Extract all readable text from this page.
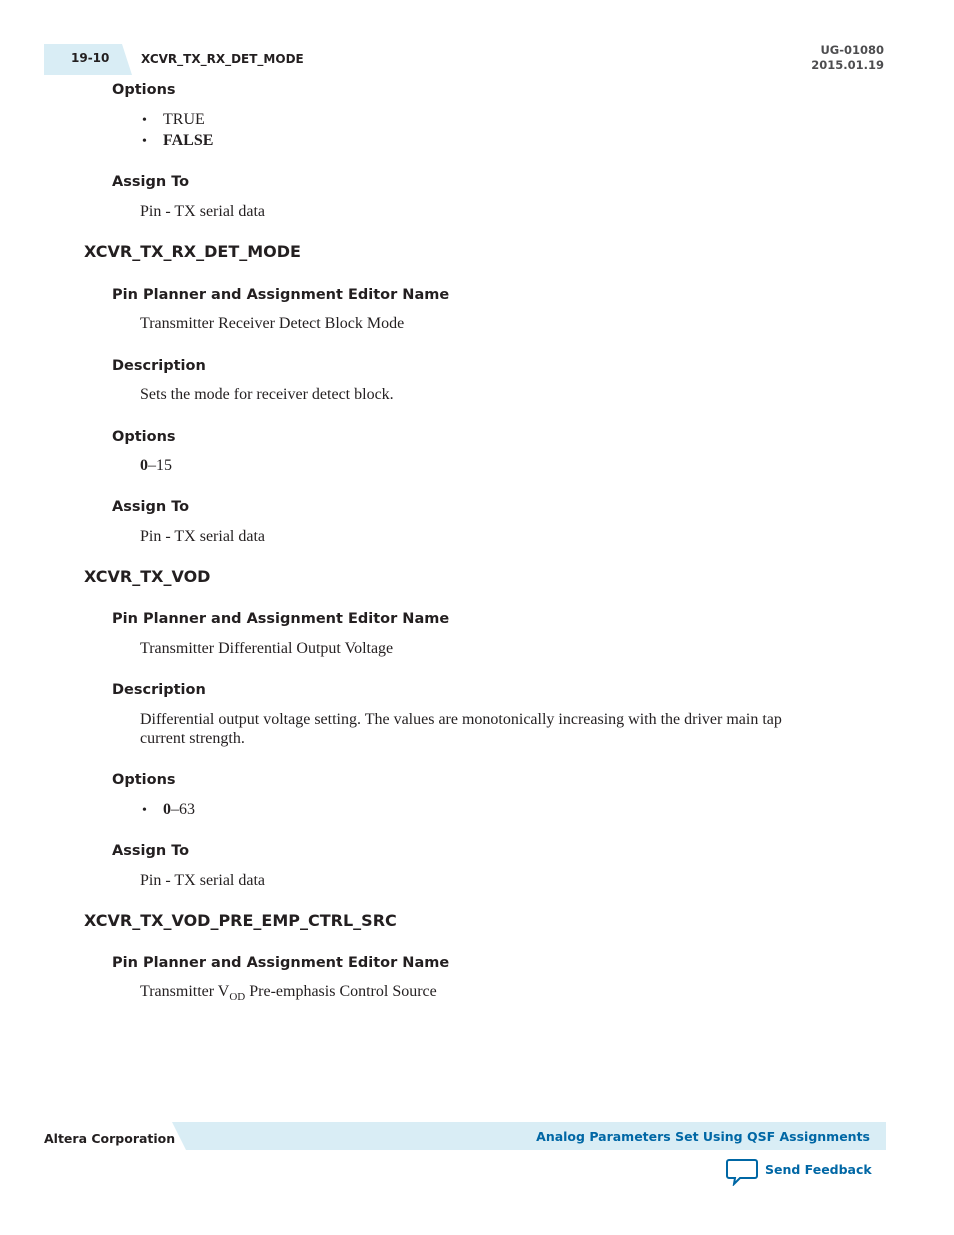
19-10	XCVR_TX_RX_DET_MODE
UG-01080
2015.01.19
Options
• TRUE
• FALSE
Assign To
Pin - TX serial data
XCVR_TX_RX_DET_MODE
Pin Planner and Assignment Editor Name
Transmitter Receiver Detect Block Mode
Description
Sets the mode for receiver detect block.
Options
0–15
Assign To
Pin - TX serial data
XCVR_TX_VOD
Pin Planner and Assignment Editor Name
Transmitter Differential Output Voltage
Description
Differential output voltage setting. The values are monotonically increasing with the driver main tap
current strength.
Options
• 0–63
Assign To
Pin - TX serial data
XCVR_TX_VOD_PRE_EMP_CTRL_SRC
Pin Planner and Assignment Editor Name
Transmitter $V_{OD}$ Pre-emphasis Control Source
Altera Corporation	Analog Parameters Set Using QSF Assignments
Send Feedback
